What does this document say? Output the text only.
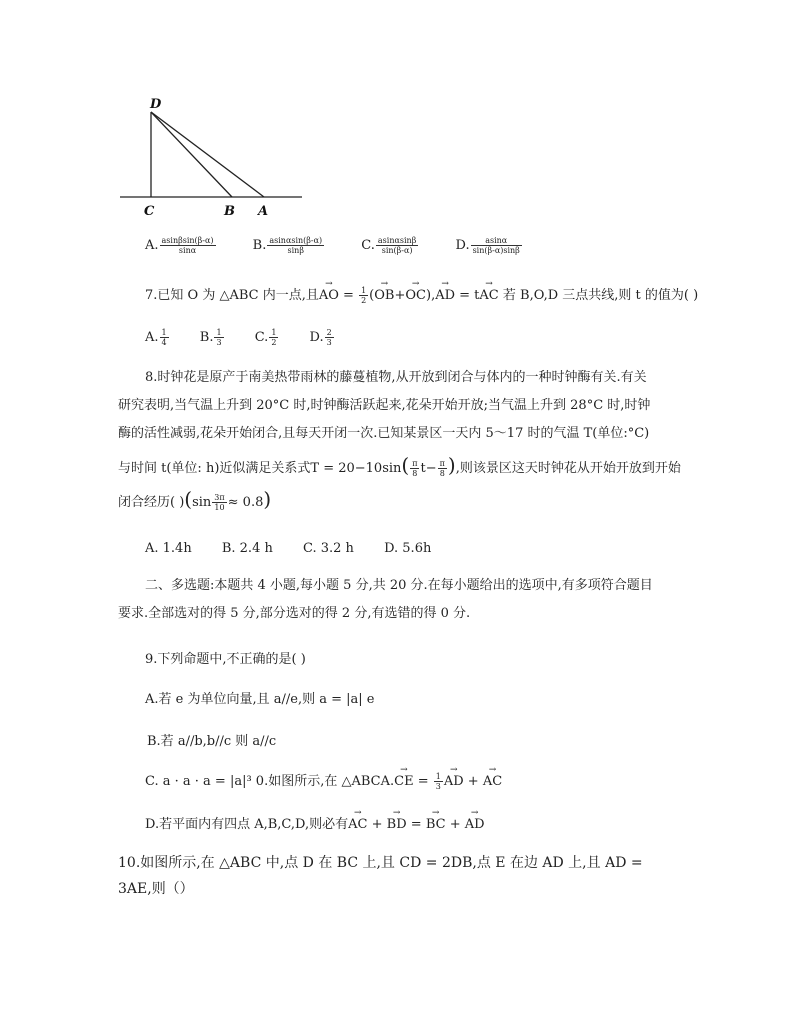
D
C	B A
A. $\frac{asin\beta\sin(\beta-\alpha)}{\sin\alpha}$	B. $\frac{asin\alpha\sin(\beta-\alpha)}{\sin\beta}$	C. $\frac{asin\alpha\sin\beta}{\sin(\beta-\alpha)}$	D. $\frac{asin\alpha}{\sin(\beta-\alpha)\sin\beta}$
7.已知 O 为 △ABC 内一点,且→ AO = $\frac{1}{2}$ (→ OB+→ OC),→ AD = t→ AC 若 B,O,D 三点共线,则 t 的值为( )
A. $\frac{1}{4} B$. $\frac{1}{3} C$. $\frac{1}{2} D$. $\frac{2}{3}$
8.时钟花是原产于南美热带雨林的藤蔓植物,从开放到闭合与体内的一种时钟酶有关.有关
研究表明,当气温上升到 20°C 时,时钟酶活跃起来,花朵开始开放;当气温上升到 28°C 时,时钟
酶的活性减弱,花朵开始闭合,且每天开闭一次.已知某景区一天内 5～17 时的气温 T(单位:°C)
与时间 t(单位: h)近似满足关系式$T = 20-10\sin( \frac{\pi}{8} t- \frac{\pi}{8}$ ),则该景区这天时钟花从开始开放到开始
闭合经历( )$(\sin \frac{3\pi}{10} \approx 0.8)$
A. 1.4h B. 2.4 h C. 3.2 h D. 5.6h
二、多选题:本题共 4 小题,每小题 5 分,共 20 分.在每小题给出的选项中,有多项符合题目
要求.全部选对的得 5 分,部分选对的得 2 分,有选错的得 0 分.
9.下列命题中,不正确的是( )
A.若 e 为单位向量,且 a//e,则 a = |a| e
B.若 a//b,b//c 则 a//c
C. a · a · a = |a|³ 0.如图所示,在 △ABCA.→ CE = $\frac{1}{3}$ → AD + → AC
D.若平面内有四点 A,B,C,D,则必有→ AC + → BD = → BC + → AD
10.如图所示,在 △ABC 中,点 D 在 BC 上,且 CD = 2DB,点 E 在边 AD 上,且 AD =
3AE,则（）
